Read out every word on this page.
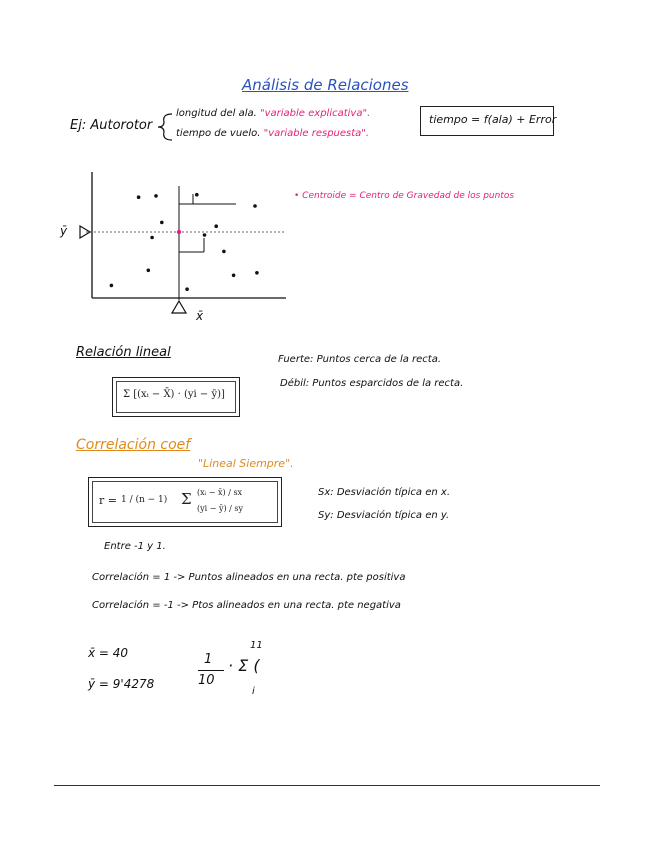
Análisis de Relaciones
Ej: Autorotor
longitud del ala. "variable explicativa".
tiempo de vuelo. "variable respuesta".
tiempo = f(ala) + Error
ȳ
x̄
• Centroide = Centro de Gravedad de los puntos
Relación lineal
Σ [(xᵢ − X̄) · (yi − ȳ)]
Fuerte: Puntos cerca de la recta.
Débil: Puntos esparcidos de la recta.
Correlación coef
"Lineal Siempre".
r = 1 / (n − 1) Σ (xᵢ − x̄) / sx
(yi − ȳ) / sy
Sx: Desviación típica en x.
Sy: Desviación típica en y.
Entre -1 y 1.
Correlación = 1 -> Puntos alineados en una recta. pte positiva
Correlación = -1 -> Ptos alineados en una recta. pte negativa
x̄ = 40
ȳ = 9'4278
1
10
11
· Σ (
i
